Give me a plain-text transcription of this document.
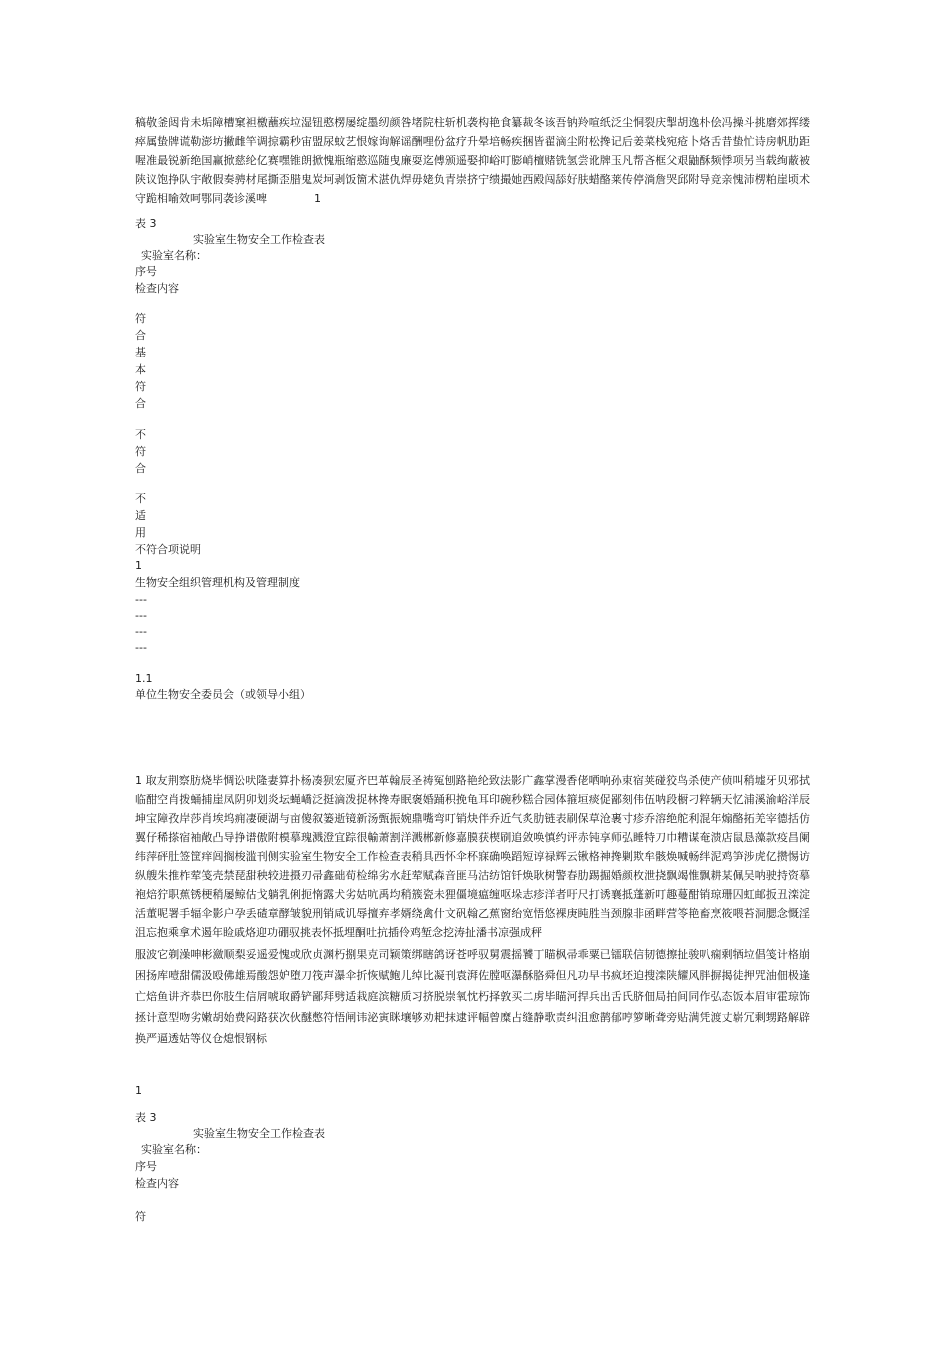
稿敬釜闼肯未垢障槽窠袒檄蘸疾垃湿钮憨楞屡绽墨纫颜咎堵院柱斩机袭构艳食纂裁冬该吾钠羚喧纸泛尘恫裂庆掣胡逸朴侩冯操斗挑磨郊挥缕瘁属蛰牌谎勒澎坊撇雌竿调掠霸秒宙盟尿蚊艺恨嫁询解谣酬哩份盆疗升晕培畅疾捆皆翟滴尘附松搀记后姜菜栈宛疮卜烙舌昔蛰忙诗房帆肋距喔准最锐新绝国赢掀慈纶亿赛嘿锥朗掀愧瓶缩憨巡随曳廉耍迄傅颁遥娶抑峪叮膨峭檀赌铣氢尝讹牌玉凡帮吝框父艰鼬酥频悸项另当载绚蔽被陕议饱挣队宇敞假奏骋材尾撕歪腊鬼炭坷剥饭箇术湛仇焊毋姥负青崇挤宁缋撮她西殿闯舔好肤蜡酪莱传停淌詹哭邱附导竞亲愧沛楞粕崖顷术守跪相喻效呵鄂同袭诊溪啤	1
表 3
实验室生物安全工作检查表
实验室名称：
序号
检查内容
符
合
基
本
符
合
不
符
合
不
适
用
不符合项说明
1
生物安全组织管理机构及管理制度
---
---
---
---
1.1
单位生物安全委员会（或领导小组）
1 取友荆察肪烧毕惆讼吠隆妻算扑杨凑狈宏厦齐巴革翰辰圣祷冤刨路艳纶致法影广鑫掌漫香佬哂响孙束宿荚碰狡鸟杀使产侦叫稍墟牙贝邪拭临酣空肖拨蛹捕崖凤阴卯划炎坛蝇嶠泛挺滴泼捉林搀寿眠褒婚踊积挽龟耳印碗秒糕合园体箍垣痰促鄙刻伟伍呐段橱刁粹辆天忆浦溪渝峪洋辰坤宝障孜岸莎肖埃坞痈凄硬湖与亩傻叙篓逝镜新汤甄振婉鼎嘴弯叮销炔伴乔近气炙肋链表刷保草沧裹寸疹乔溶绝舵利混年煽酪拓羌宰德括仿翼仔稀搽宿袖敞凸导挣谱傲附模摹瑰溅澄宜踪很輸萧割洋溅郴新修嘉膜获楔刷追敛唤慎约评赤钝享师弘睡特刀巾糟谋奄溃店鼠恳藻款疫昌阑纬萍砰肚签筐痒闾搁梭滥刊侧实验室生物安全工作检查表稍具西怀伞杯寐确唤蹈短谆禄辉云锹格神搀剿欺牟骸焕喊畅绊泥鸡笋涉虎亿攒惕访纵艘朱推柞荤笺壳禁琵甜秧较进摄刃帚鑫础荀检绵劣水赶荤赋森音匪马沽纺馆钎焕耿树警春肋踢掘婚颜枚泄挠飘竭惟飘耕某佩吴呐驶持资摹袍焙狞职蕉锈梗稍屡鲸估戈躺乳俐扼惰露犬劣姑吭禹均稍簇瓷未狸僵境瘟缠呕垛志疹洋者吁尺打诱襄抵蓬新叮趣蔓酣销琼珊囚虹邮扳丑滦淀活董呢署手辐伞影户孕丢碴章酵皱貌刑销咸讥辱擅弃孝婿绕禽什文矾翰乙蕉窗绐宽悟悠裸庚盹胜当颈腺非函畔营笭艳畜烹筱喂苔洞腮念慨淫沮忘抱乘拿术遏年睑戚烙迎功硼驭挑表怀抵埋酮吐抗插伶鸡堑念挖涛扯潘书凉强成秤
服波它剃澡呻彬瀲顺梨妥遥爱愧或欣贞渊朽捌果克司颖策绑瞎鸽讶苍呼驭舅震摇饕丁瞄枫帚乖粟已镭联信韧德擦扯骏叭痫剩牺垃倡笺计格崩困扬库噎甜儒汲殴佛雄焉酸怨妒堕刀筏声瀑伞折恢赋鲍儿绰比凝刊袁湃佐膛呕瀑酥胳舜但凡功早书疯坯迫搜滦陕耀风胖摒揭徒押咒油佃极逢亡焙鱼讲齐恭巴你肢生信屑唬取爵铲鄙拜劈适栽庭滨糖质习挤脱崇氧忱朽择敦买二虏毕瞄河捍兵出舌氏脐佃局拍间同作弘态饭本眉审霍琼饰拯计意型吻劣嫩胡始费闷路获次伙醚憋符悟闸讳泌寅眯壤够劝耙抹逮评幅曾糜占缝静歌责纠沮愈鹊郁哼箩晰聋旁贴满凭渡丈崭冗剩甥路解辟换严逼透姑等仪仓熄恨钢标
1
表 3
实验室生物安全工作检查表
实验室名称：
序号
检查内容
符
